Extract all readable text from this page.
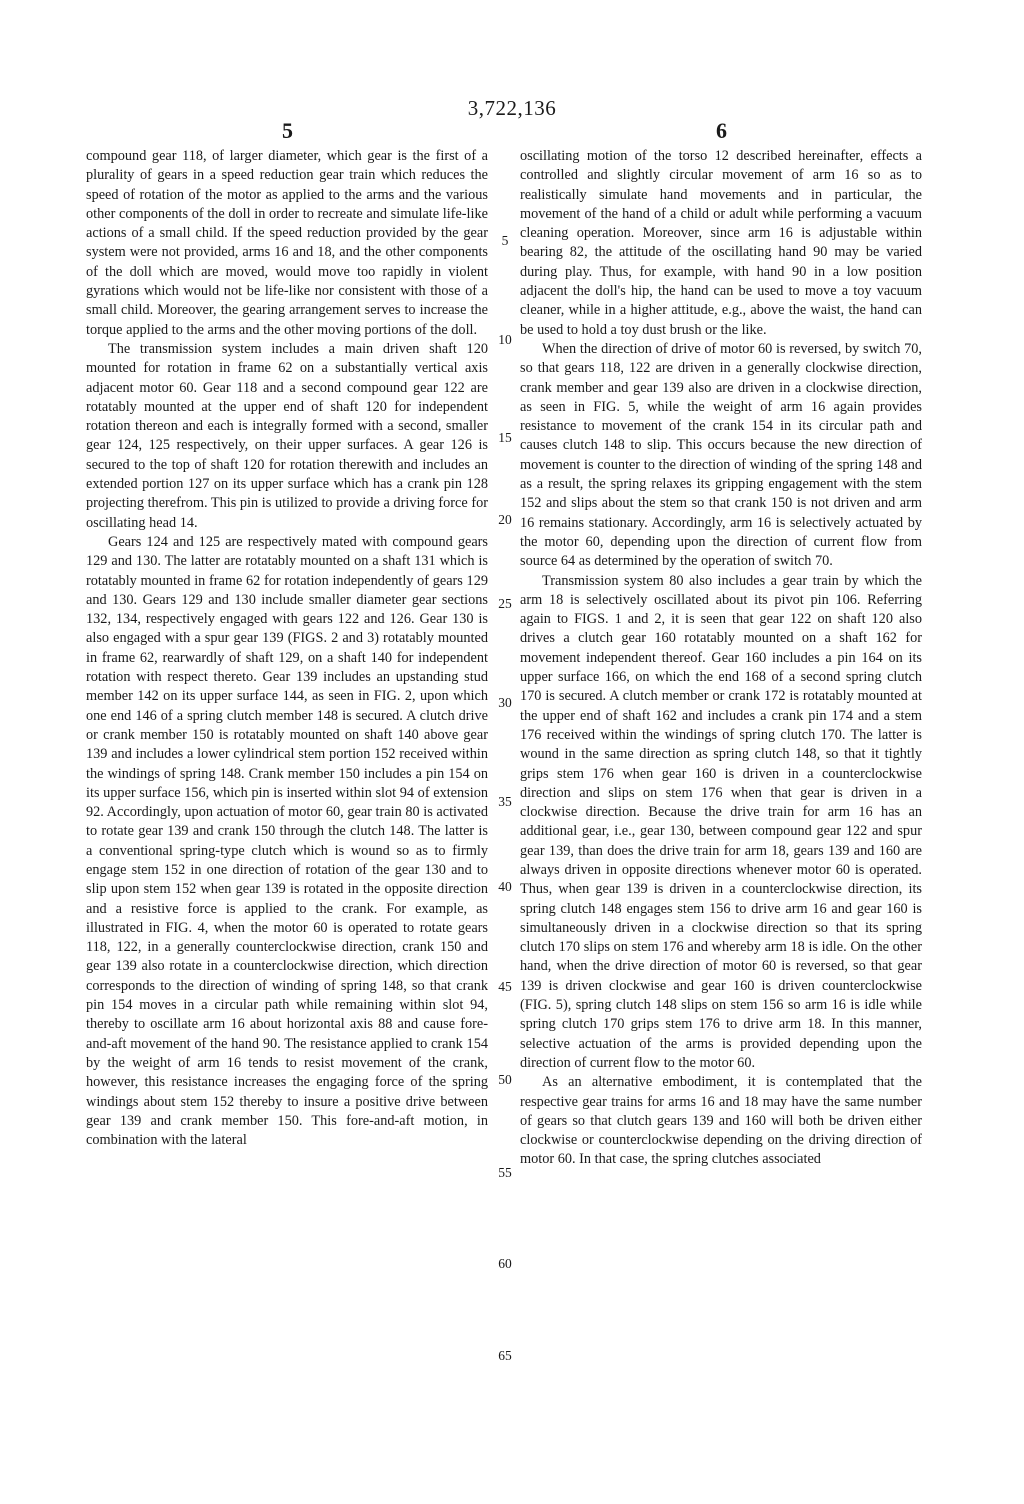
3,722,136
5	6

compound gear 118, of larger diameter, which gear is the first of a plurality of gears in a speed reduction gear train which reduces the speed of rotation of the motor as applied to the arms and the various other components of the doll in order to recreate and simulate life-like actions of a small child. If the speed reduction provided by the gear system were not provided, arms 16 and 18, and the other components of the doll which are moved, would move too rapidly in violent gyrations which would not be life-like nor consistent with those of a small child. Moreover, the gearing arrangement serves to increase the torque applied to the arms and the other moving portions of the doll.

The transmission system includes a main driven shaft 120 mounted for rotation in frame 62 on a substantially vertical axis adjacent motor 60. Gear 118 and a second compound gear 122 are rotatably mounted at the upper end of shaft 120 for independent rotation thereon and each is integrally formed with a second, smaller gear 124, 125 respectively, on their upper surfaces. A gear 126 is secured to the top of shaft 120 for rotation therewith and includes an extended portion 127 on its upper surface which has a crank pin 128 projecting therefrom. This pin is utilized to provide a driving force for oscillating head 14.

Gears 124 and 125 are respectively mated with compound gears 129 and 130. The latter are rotatably mounted on a shaft 131 which is rotatably mounted in frame 62 for rotation independently of gears 129 and 130. Gears 129 and 130 include smaller diameter gear sections 132, 134, respectively engaged with gears 122 and 126. Gear 130 is also engaged with a spur gear 139 (FIGS. 2 and 3) rotatably mounted in frame 62, rearwardly of shaft 129, on a shaft 140 for independent rotation with respect thereto. Gear 139 includes an upstanding stud member 142 on its upper surface 144, as seen in FIG. 2, upon which one end 146 of a spring clutch member 148 is secured. A clutch drive or crank member 150 is rotatably mounted on shaft 140 above gear 139 and includes a lower cylindrical stem portion 152 received within the windings of spring 148. Crank member 150 includes a pin 154 on its upper surface 156, which pin is inserted within slot 94 of extension 92. Accordingly, upon actuation of motor 60, gear train 80 is activated to rotate gear 139 and crank 150 through the clutch 148. The latter is a conventional spring-type clutch which is wound so as to firmly engage stem 152 in one direction of rotation of the gear 130 and to slip upon stem 152 when gear 139 is rotated in the opposite direction and a resistive force is applied to the crank. For example, as illustrated in FIG. 4, when the motor 60 is operated to rotate gears 118, 122, in a generally counterclockwise direction, crank 150 and gear 139 also rotate in a counterclockwise direction, which direction corresponds to the direction of winding of spring 148, so that crank pin 154 moves in a circular path while remaining within slot 94, thereby to oscillate arm 16 about horizontal axis 88 and cause fore-and-aft movement of the hand 90. The resistance applied to crank 154 by the weight of arm 16 tends to resist movement of the crank, however, this resistance increases the engaging force of the spring windings about stem 152 thereby to insure a positive drive between gear 139 and crank member 150. This fore-and-aft motion, in combination with the lateral

5
10
15
20
25
30
35
40
45
50
55
60
65

oscillating motion of the torso 12 described hereinafter, effects a controlled and slightly circular movement of arm 16 so as to realistically simulate hand movements and in particular, the movement of the hand of a child or adult while performing a vacuum cleaning operation. Moreover, since arm 16 is adjustable within bearing 82, the attitude of the oscillating hand 90 may be varied during play. Thus, for example, with hand 90 in a low position adjacent the doll's hip, the hand can be used to move a toy vacuum cleaner, while in a higher attitude, e.g., above the waist, the hand can be used to hold a toy dust brush or the like.

When the direction of drive of motor 60 is reversed, by switch 70, so that gears 118, 122 are driven in a generally clockwise direction, crank member and gear 139 also are driven in a clockwise direction, as seen in FIG. 5, while the weight of arm 16 again provides resistance to movement of the crank 154 in its circular path and causes clutch 148 to slip. This occurs because the new direction of movement is counter to the direction of winding of the spring 148 and as a result, the spring relaxes its gripping engagement with the stem 152 and slips about the stem so that crank 150 is not driven and arm 16 remains stationary. Accordingly, arm 16 is selectively actuated by the motor 60, depending upon the direction of current flow from source 64 as determined by the operation of switch 70.

Transmission system 80 also includes a gear train by which the arm 18 is selectively oscillated about its pivot pin 106. Referring again to FIGS. 1 and 2, it is seen that gear 122 on shaft 120 also drives a clutch gear 160 rotatably mounted on a shaft 162 for movement independent thereof. Gear 160 includes a pin 164 on its upper surface 166, on which the end 168 of a second spring clutch 170 is secured. A clutch member or crank 172 is rotatably mounted at the upper end of shaft 162 and includes a crank pin 174 and a stem 176 received within the windings of spring clutch 170. The latter is wound in the same direction as spring clutch 148, so that it tightly grips stem 176 when gear 160 is driven in a counterclockwise direction and slips on stem 176 when that gear is driven in a clockwise direction. Because the drive train for arm 16 has an additional gear, i.e., gear 130, between compound gear 122 and spur gear 139, than does the drive train for arm 18, gears 139 and 160 are always driven in opposite directions whenever motor 60 is operated. Thus, when gear 139 is driven in a counterclockwise direction, its spring clutch 148 engages stem 156 to drive arm 16 and gear 160 is simultaneously driven in a clockwise direction so that its spring clutch 170 slips on stem 176 and whereby arm 18 is idle. On the other hand, when the drive direction of motor 60 is reversed, so that gear 139 is driven clockwise and gear 160 is driven counterclockwise (FIG. 5), spring clutch 148 slips on stem 156 so arm 16 is idle while spring clutch 170 grips stem 176 to drive arm 18. In this manner, selective actuation of the arms is provided depending upon the direction of current flow to the motor 60.

As an alternative embodiment, it is contemplated that the respective gear trains for arms 16 and 18 may have the same number of gears so that clutch gears 139 and 160 will both be driven either clockwise or counterclockwise depending on the driving direction of motor 60. In that case, the spring clutches associated
